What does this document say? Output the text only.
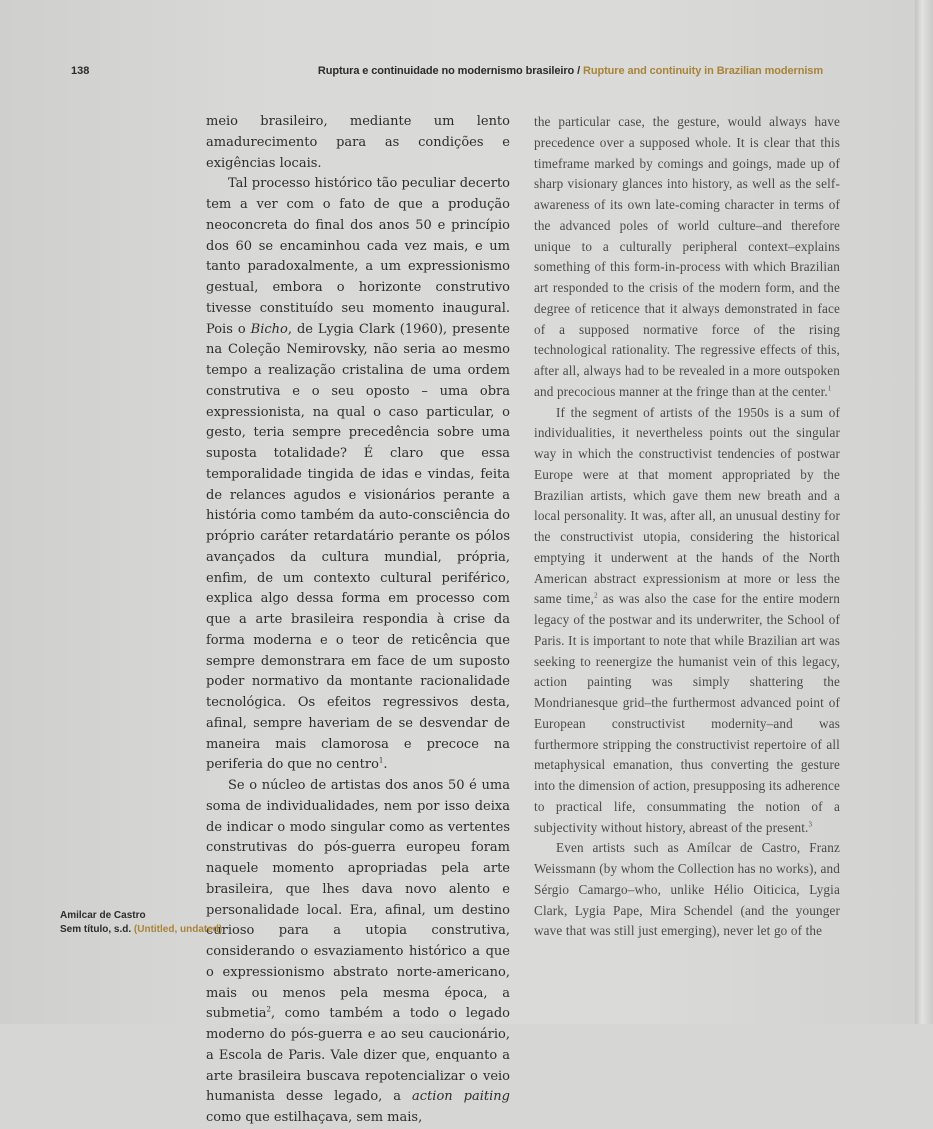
138	Ruptura e continuidade no modernismo brasileiro / Rupture and continuity in Brazilian modernism

meio brasileiro, mediante um lento amadurecimento para as condições e exigências locais.

Tal processo histórico tão peculiar decerto tem a ver com o fato de que a produção neoconcreta do final dos anos 50 e princípio dos 60 se encaminhou cada vez mais, e um tanto paradoxalmente, a um expressionismo gestual, embora o horizonte construtivo tivesse constituído seu momento inaugural. Pois o Bicho, de Lygia Clark (1960), presente na Coleção Nemirovsky, não seria ao mesmo tempo a realização cristalina de uma ordem construtiva e o seu oposto – uma obra expressionista, na qual o caso particular, o gesto, teria sempre precedência sobre uma suposta totalidade? É claro que essa temporalidade tingida de idas e vindas, feita de relances agudos e visionários perante a história como também da auto-consciência do próprio caráter retardatário perante os pólos avançados da cultura mundial, própria, enfim, de um contexto cultural periférico, explica algo dessa forma em processo com que a arte brasileira respondia à crise da forma moderna e o teor de reticência que sempre demonstrara em face de um suposto poder normativo da montante racionalidade tecnológica. Os efeitos regressivos desta, afinal, sempre haveriam de se desvendar de maneira mais clamorosa e precoce na periferia do que no centro$^1$.

Se o núcleo de artistas dos anos 50 é uma soma de individualidades, nem por isso deixa de indicar o modo singular como as vertentes construtivas do pós-guerra europeu foram naquele momento apropriadas pela arte brasileira, que lhes dava novo alento e personalidade local. Era, afinal, um destino curioso para a utopia construtiva, considerando o esvaziamento histórico a que o expressionismo abstrato norte-americano, mais ou menos pela mesma época, a submetia$^2$, como também a todo o legado moderno do pós-guerra e ao seu caucionário, a Escola de Paris. Vale dizer que, enquanto a arte brasileira buscava repotencializar o veio humanista desse legado, a action paiting como que estilhaçava, sem mais,

the particular case, the gesture, would always have precedence over a supposed whole. It is clear that this timeframe marked by comings and goings, made up of sharp visionary glances into history, as well as the self-awareness of its own late-coming character in terms of the advanced poles of world culture–and therefore unique to a culturally peripheral context–explains something of this form-in-process with which Brazilian art responded to the crisis of the modern form, and the degree of reticence that it always demonstrated in face of a supposed normative force of the rising technological rationality. The regressive effects of this, after all, always had to be revealed in a more outspoken and precocious manner at the fringe than at the center.$^1$

If the segment of artists of the 1950s is a sum of individualities, it nevertheless points out the singular way in which the constructivist tendencies of postwar Europe were at that moment appropriated by the Brazilian artists, which gave them new breath and a local personality. It was, after all, an unusual destiny for the constructivist utopia, considering the historical emptying it underwent at the hands of the North American abstract expressionism at more or less the same time,$^2$ as was also the case for the entire modern legacy of the postwar and its underwriter, the School of Paris. It is important to note that while Brazilian art was seeking to reenergize the humanist vein of this legacy, action painting was simply shattering the Mondrianesque grid–the furthermost advanced point of European constructivist modernity–and was furthermore stripping the constructivist repertoire of all metaphysical emanation, thus converting the gesture into the dimension of action, presupposing its adherence to practical life, consummating the notion of a subjectivity without history, abreast of the present.$^3$

Even artists such as Amílcar de Castro, Franz Weissmann (by whom the Collection has no works), and Sérgio Camargo–who, unlike Hélio Oiticica, Lygia Clark, Lygia Pape, Mira Schendel (and the younger wave that was still just emerging), never let go of the

Amilcar de Castro
Sem título, s.d. (Untitled, undated)
